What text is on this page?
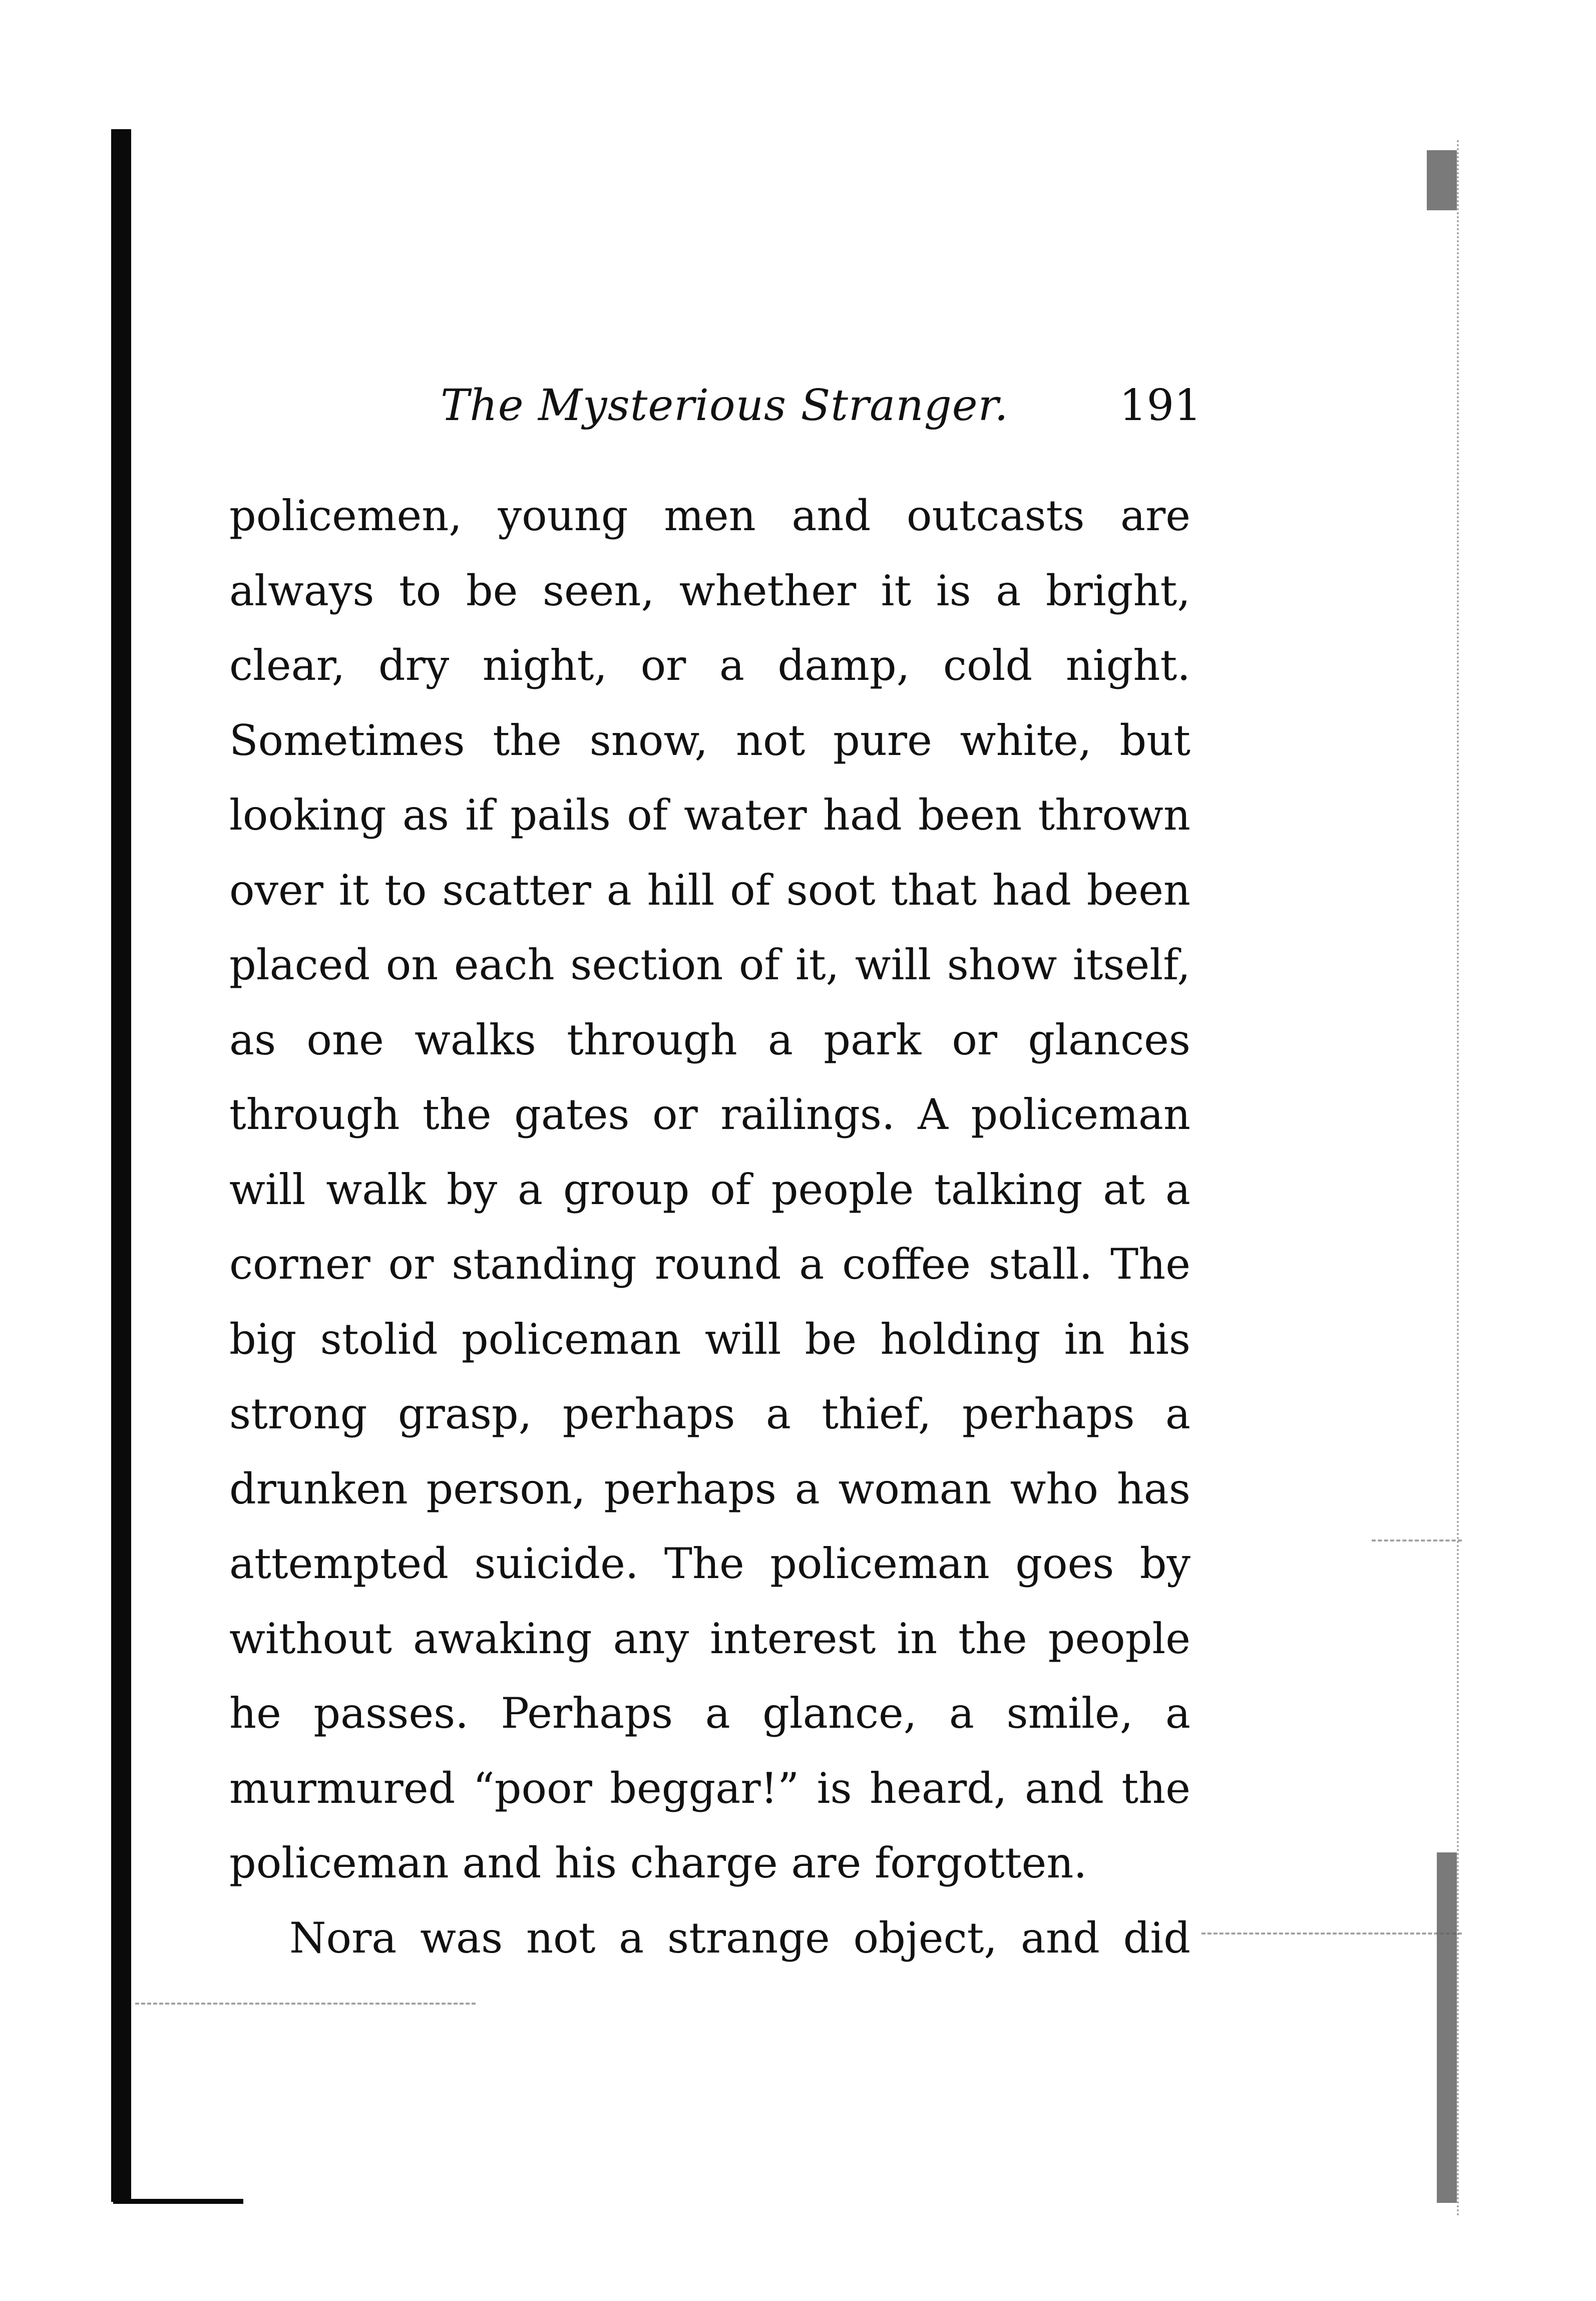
The Mysterious Stranger.	191
policemen, young men and outcasts are
always to be seen, whether it is a bright,
clear, dry night, or a damp, cold night.
Sometimes the snow, not pure white, but
looking as if pails of water had been thrown
over it to scatter a hill of soot that had been
placed on each section of it, will show itself,
as one walks through a park or glances
through the gates or railings. A policeman
will walk by a group of people talking at a
corner or standing round a coffee stall. The
big stolid policeman will be holding in his
strong grasp, perhaps a thief, perhaps a
drunken person, perhaps a woman who has
attempted suicide. The policeman goes by
without awaking any interest in the people
he passes. Perhaps a glance, a smile, a
murmured “poor beggar!” is heard, and the
policeman and his charge are forgotten.
Nora was not a strange object, and did
